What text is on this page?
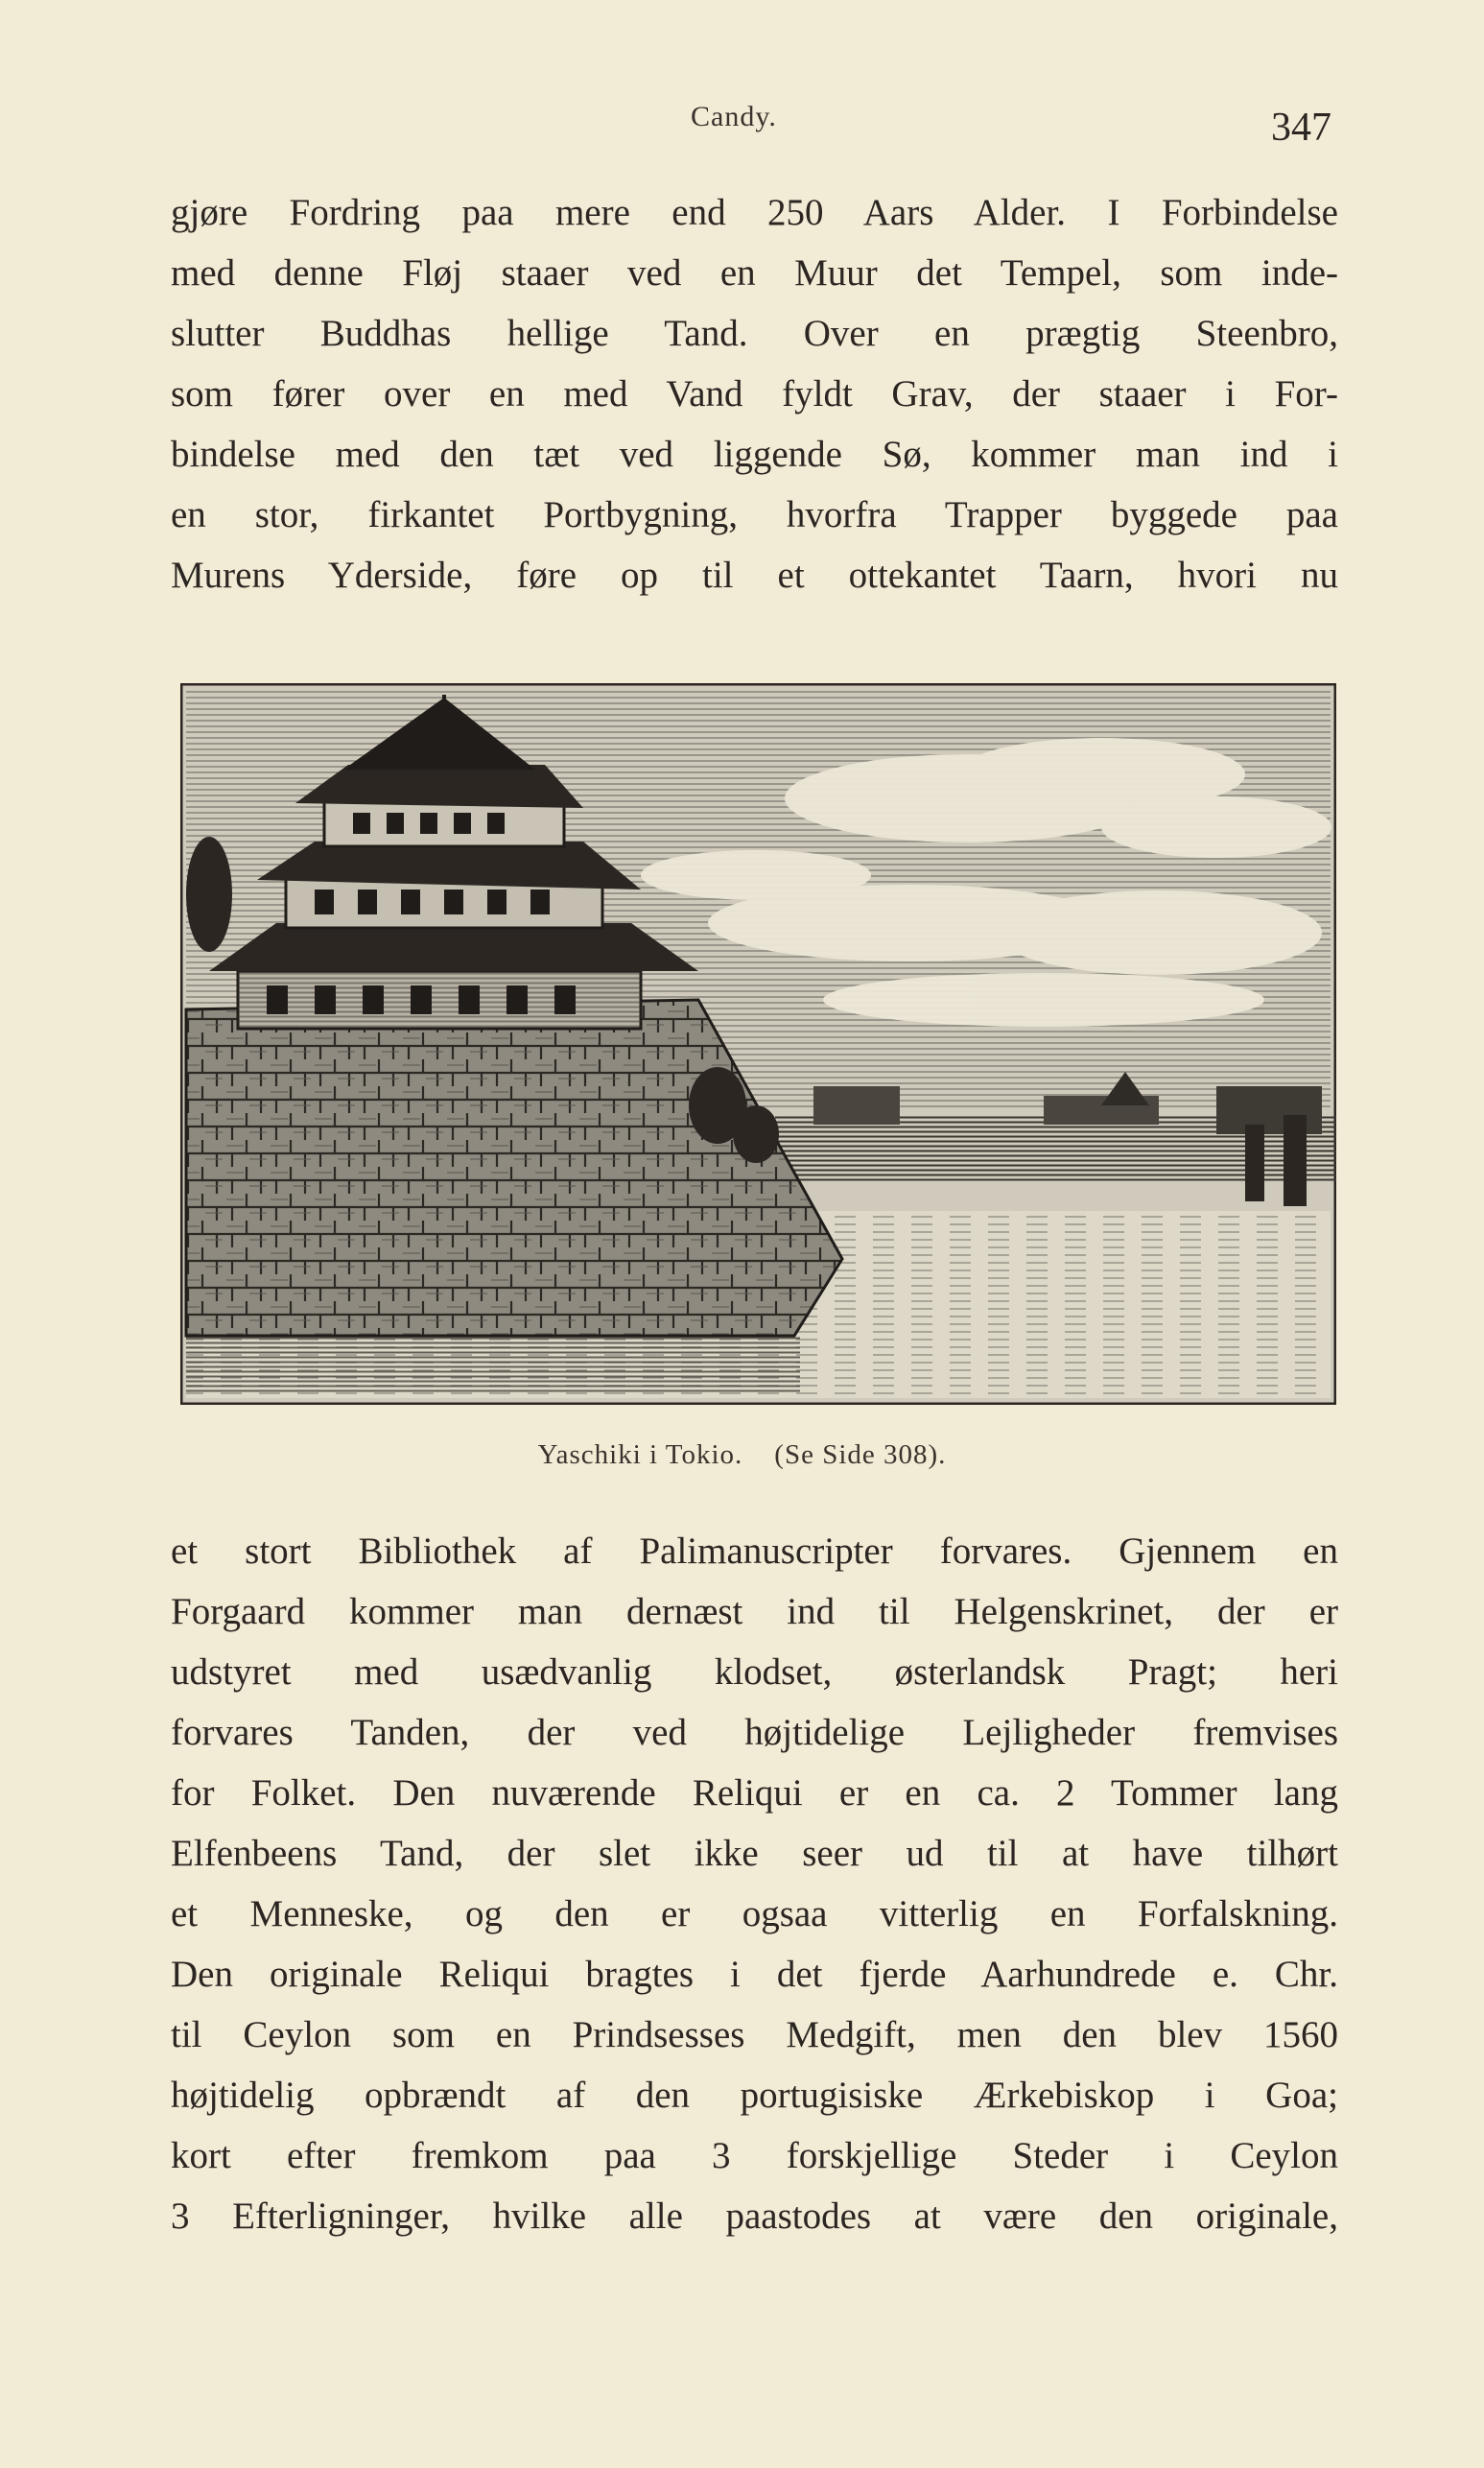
Candy.	347

gjøre Fordring paa mere end 250 Aars Alder. I Forbindelse
med denne Fløj staaer ved en Muur det Tempel, som inde-
slutter Buddhas hellige Tand. Over en prægtig Steenbro,
som fører over en med Vand fyldt Grav, der staaer i For-
bindelse med den tæt ved liggende Sø, kommer man ind i
en stor, firkantet Portbygning, hvorfra Trapper byggede paa
Murens Yderside, føre op til et ottekantet Taarn, hvori nu

Yaschiki i Tokio. (Se Side 308).

et stort Bibliothek af Palimanuscripter forvares. Gjennem en
Forgaard kommer man dernæst ind til Helgenskrinet, der er
udstyret med usædvanlig klodset, østerlandsk Pragt; heri
forvares Tanden, der ved højtidelige Lejligheder fremvises
for Folket. Den nuværende Reliqui er en ca. 2 Tommer lang
Elfenbeens Tand, der slet ikke seer ud til at have tilhørt
et Menneske, og den er ogsaa vitterlig en Forfalskning.
Den originale Reliqui bragtes i det fjerde Aarhundrede e. Chr.
til Ceylon som en Prindsesses Medgift, men den blev 1560
højtidelig opbrændt af den portugisiske Ærkebiskop i Goa;
kort efter fremkom paa 3 forskjellige Steder i Ceylon
3 Efterligninger, hvilke alle paastodes at være den originale,
